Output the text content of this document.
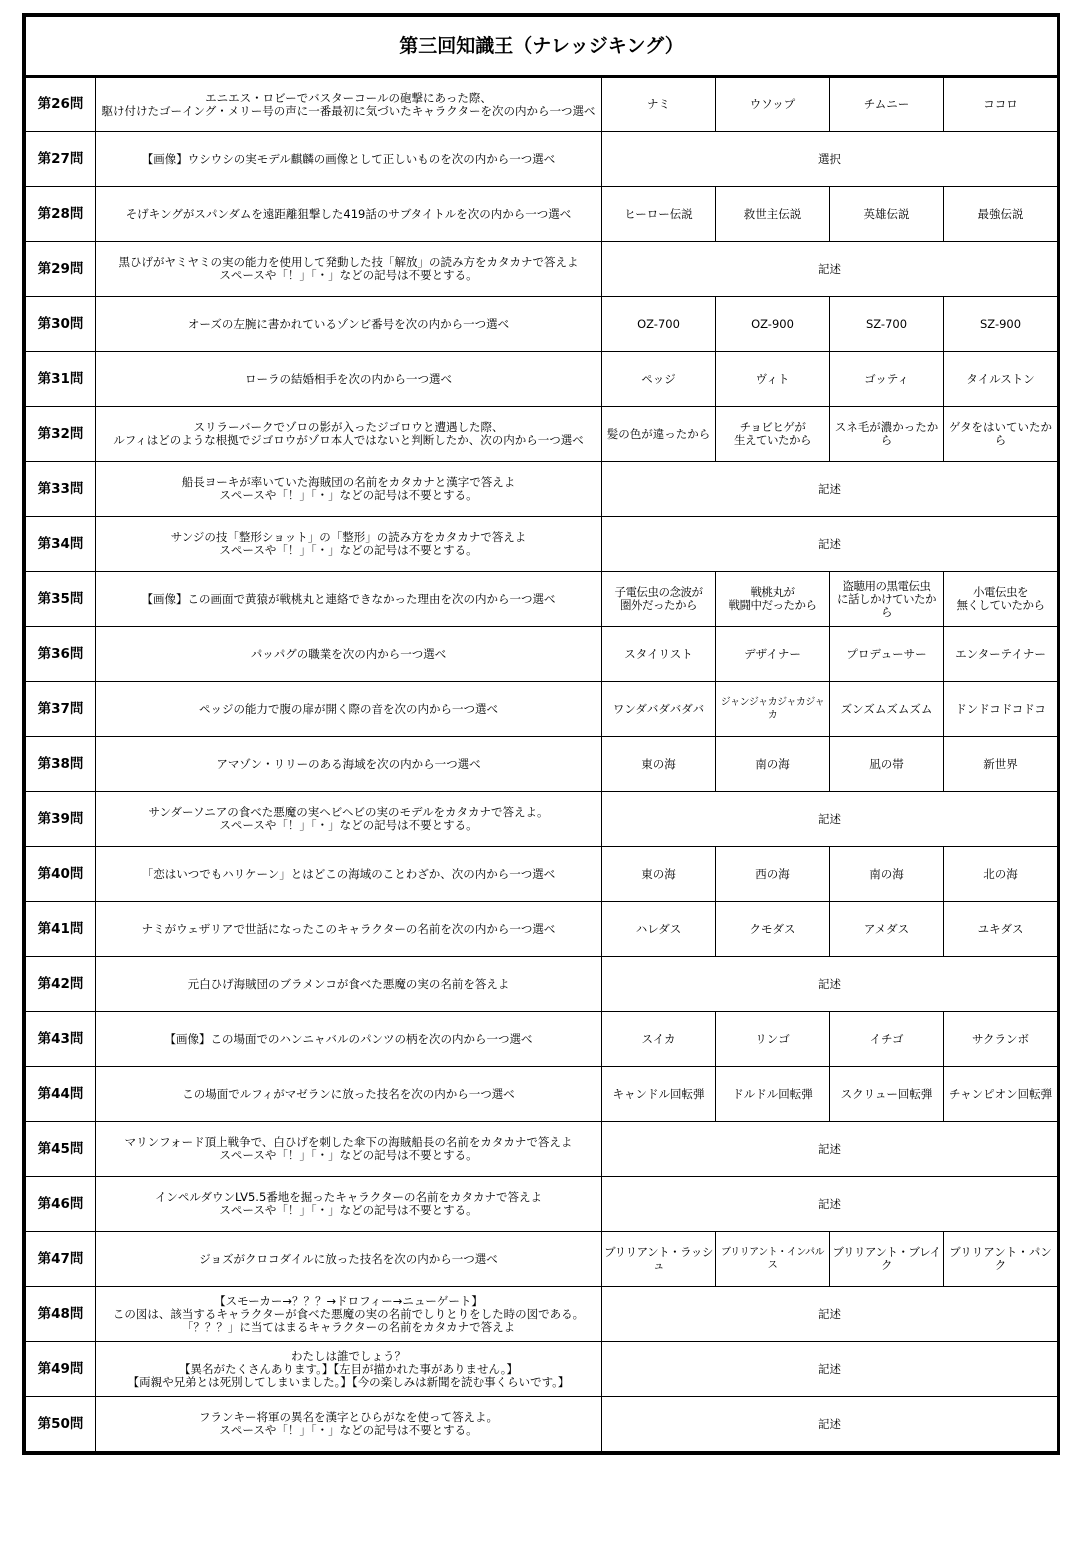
第三回知識王（ナレッジキング）					
第26問	エニエス・ロビーでバスターコールの砲撃にあった際、
駆け付けたゴーイング・メリー号の声に一番最初に気づいたキャラクターを次の内から一つ選べ	ナミ	ウソップ	チムニー	ココロ
第27問	【画像】ウシウシの実モデル麒麟の画像として正しいものを次の内から一つ選べ	選択			
第28問	そげキングがスパンダムを遠距離狙撃した419話のサブタイトルを次の内から一つ選べ	ヒーロー伝説	救世主伝説	英雄伝説	最強伝説
第29問	黒ひげがヤミヤミの実の能力を使用して発動した技「解放」の読み方をカタカナで答えよ
スペースや「！」「・」などの記号は不要とする。	記述			
第30問	オーズの左腕に書かれているゾンビ番号を次の内から一つ選べ	OZ-700	OZ-900	SZ-700	SZ-900
第31問	ローラの結婚相手を次の内から一つ選べ	ペッジ	ヴィト	ゴッティ	タイルストン
第32問	スリラーバークでゾロの影が入ったジゴロウと遭遇した際、
ルフィはどのような根拠でジゴロウがゾロ本人ではないと判断したか、次の内から一つ選べ	髪の色が違ったから	チョビヒゲが
生えていたから	スネ毛が濃かったから	ゲタをはいていたから
第33問	船長ヨーキが率いていた海賊団の名前をカタカナと漢字で答えよ
スペースや「！」「・」などの記号は不要とする。	記述			
第34問	サンジの技「整形ショット」の「整形」の読み方をカタカナで答えよ
スペースや「！」「・」などの記号は不要とする。	記述			
第35問	【画像】この画面で黄猿が戦桃丸と連絡できなかった理由を次の内から一つ選べ	子電伝虫の念波が
圏外だったから	戦桃丸が
戦闘中だったから	盗聴用の黒電伝虫
に話しかけていたか
ら	小電伝虫を
無くしていたから
第36問	パッパグの職業を次の内から一つ選べ	スタイリスト	デザイナー	プロデューサー	エンターテイナー
第37問	ペッジの能力で腹の扉が開く際の音を次の内から一つ選べ	ワンダバダバダバ	ジャンジャカジャカジャカ	ズンズムズムズム	ドンドコドコドコ
第38問	アマゾン・リリーのある海域を次の内から一つ選べ	東の海	南の海	凪の帯	新世界
第39問	サンダーソニアの食べた悪魔の実ヘビヘビの実のモデルをカタカナで答えよ。
スペースや「！」「・」などの記号は不要とする。	記述			
第40問	「恋はいつでもハリケーン」とはどこの海域のことわざか、次の内から一つ選べ	東の海	西の海	南の海	北の海
第41問	ナミがウェザリアで世話になったこのキャラクターの名前を次の内から一つ選べ	ハレダス	クモダス	アメダス	ユキダス
第42問	元白ひげ海賊団のブラメンコが食べた悪魔の実の名前を答えよ	記述			
第43問	【画像】この場面でのハンニャバルのパンツの柄を次の内から一つ選べ	スイカ	リンゴ	イチゴ	サクランボ
第44問	この場面でルフィがマゼランに放った技名を次の内から一つ選べ	キャンドル回転弾	ドルドル回転弾	スクリュー回転弾	チャンピオン回転弾
第45問	マリンフォード頂上戦争で、白ひげを刺した傘下の海賊船長の名前をカタカナで答えよ
スペースや「！」「・」などの記号は不要とする。	記述			
第46問	インペルダウンLV5.5番地を掘ったキャラクターの名前をカタカナで答えよ
スペースや「！」「・」などの記号は不要とする。	記述			
第47問	ジョズがクロコダイルに放った技名を次の内から一つ選べ	ブリリアント・ラッシュ	ブリリアント・インパルス	ブリリアント・ブレイク	ブリリアント・パンク
第48問	【スモーカー→？？？→ドロフィー→ニューゲート】
この図は、該当するキャラクターが食べた悪魔の実の名前でしりとりをした時の図である。
「？？？」に当てはまるキャラクターの名前をカタカナで答えよ	記述			
第49問	わたしは誰でしょう？
【異名がたくさんあります。】【左目が描かれた事がありません。】
【両親や兄弟とは死別してしまいました。】【今の楽しみは新聞を読む事くらいです。】	記述			
第50問	フランキー将軍の異名を漢字とひらがなを使って答えよ。
スペースや「！」「・」などの記号は不要とする。	記述			
